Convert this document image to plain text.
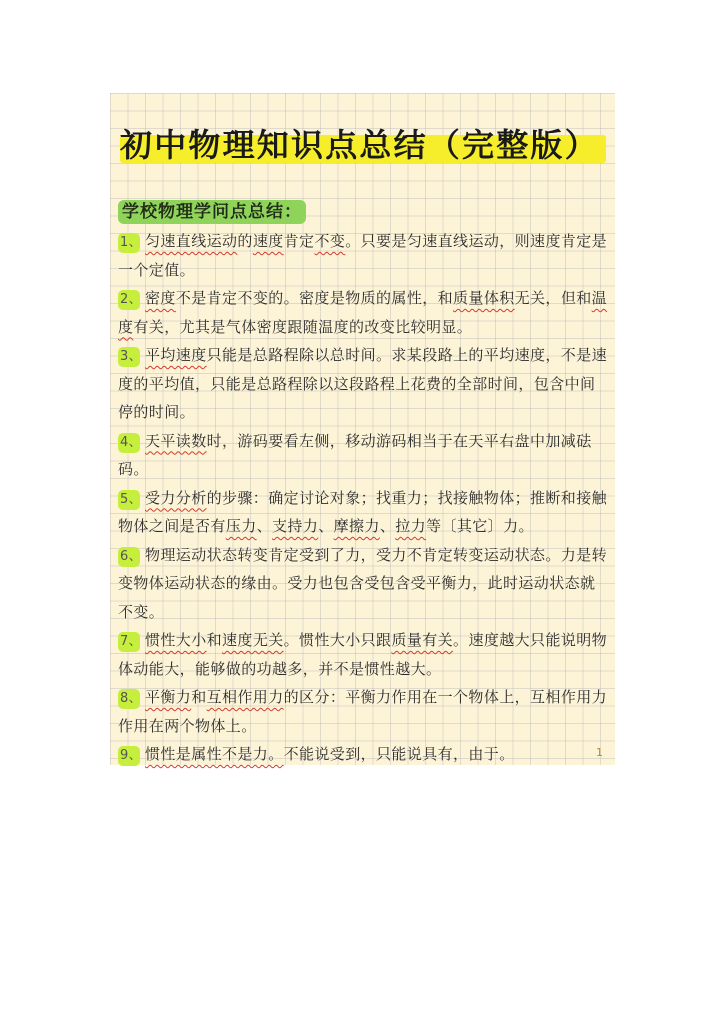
初中物理知识点总结（完整版）
学校物理学问点总结：

1、 匀速直线运动的速度肯定不变。只要是匀速直线运动，则速度肯定是一个定值。

2、 密度不是肯定不变的。密度是物质的属性，和质量体积无关，但和温度有关，尤其是气体密度跟随温度的改变比较明显。

3、 平均速度只能是总路程除以总时间。求某段路上的平均速度，不是速度的平均值，只能是总路程除以这段路程上花费的全部时间，包含中间停的时间。

4、 天平读数时，游码要看左侧，移动游码相当于在天平右盘中加减砝码。

5、 受力分析的步骤：确定讨论对象；找重力；找接触物体；推断和接触物体之间是否有压力、支持力、摩擦力、拉力等〔其它〕力。

6、 物理运动状态转变肯定受到了力，受力不肯定转变运动状态。力是转变物体运动状态的缘由。受力也包含受包含受平衡力，此时运动状态就不变。

7、 惯性大小和速度无关。惯性大小只跟质量有关。速度越大只能说明物体动能大，能够做的功越多，并不是惯性越大。

8、 平衡力和互相作用力的区分：平衡力作用在一个物体上，互相作用力作用在两个物体上。

9、 惯性是属性不是力。不能说受到，只能说具有，由于。	1
